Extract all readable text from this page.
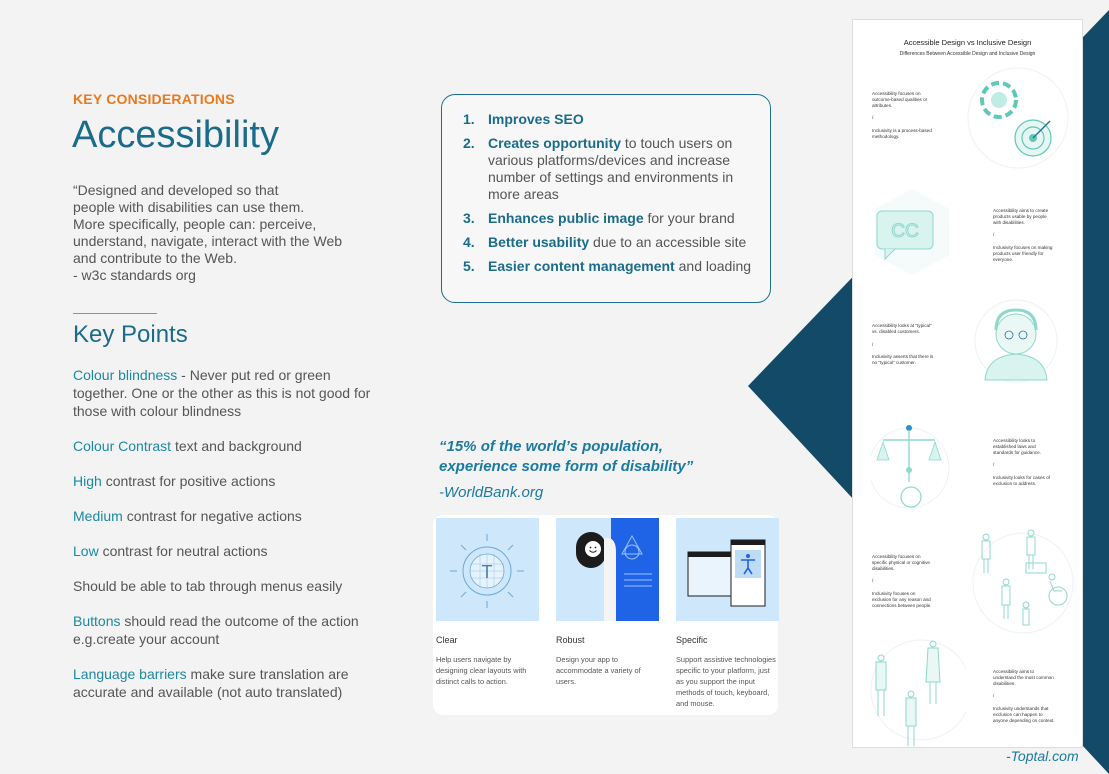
KEY CONSIDERATIONS
Accessibility
“Designed and developed so that
people with disabilities can use them.
More specifically, people can: perceive,
understand, navigate, interact with the Web
and contribute to the Web.
- w3c standards org
Key Points
Colour blindness - Never put red or green together. One or the other as this is not good for those with colour blindness
Colour Contrast text and background
High contrast for positive actions
Medium contrast for negative actions
Low contrast for neutral actions
Should be able to tab through menus easily
Buttons should read the outcome of the action e.g.create your account
Language barriers make sure translation are accurate and available (not auto translated)
1. Improves SEO
2. Creates opportunity to touch users on various platforms/devices and increase number of settings and environments in more areas
3. Enhances public image for your brand
4. Better usability due to an accessible site
5. Easier content management and loading
“15% of the world’s population,
experience some form of disability”
-WorldBank.org
T
Clear
Help users navigate by designing clear layouts with distinct calls to action.
Robust
Design your app to accommodate a variety of users.
Specific
Support assistive technologies specific to your platform, just as you support the input methods of touch, keyboard, and mouse.
Accessible Design vs Inclusive Design
Differences Between Accessible Design and Inclusive Design
Accessibility focuses on outcome-based qualities or attributes.
/
Inclusivity is a process-based methodology.
CC
Accessibility aims to create products usable by people with disabilities.
/
Inclusivity focuses on making products user friendly for everyone.
Accessibility looks at "typical" vs. disabled customers.
/
Inclusivity asserts that there is no "typical" customer.
Accessibility looks to established laws and standards for guidance.
/
Inclusivity looks for cases of exclusion to address.
Accessibility focuses on specific physical or cognitive disabilities.
/
Inclusivity focuses on exclusion for any reason and connections between people.
Accessibility aims to understand the most common disabilities.
/
Inclusivity understands that exclusion can happen to anyone depending on context.
-Toptal.com
